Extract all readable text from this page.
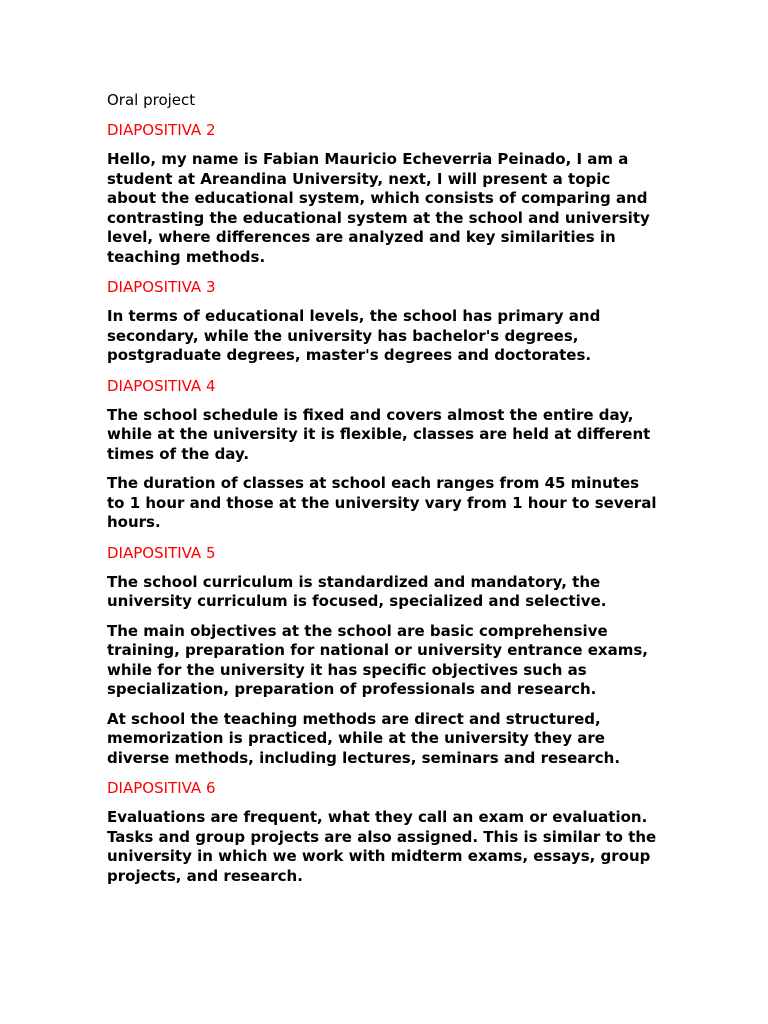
Oral project
DIAPOSITIVA 2
Hello, my name is Fabian Mauricio Echeverria Peinado, I am a
student at Areandina University, next, I will present a topic
about the educational system, which consists of comparing and
contrasting the educational system at the school and university
level, where differences are analyzed and key similarities in
teaching methods.
DIAPOSITIVA 3
In terms of educational levels, the school has primary and
secondary, while the university has bachelor's degrees,
postgraduate degrees, master's degrees and doctorates.
DIAPOSITIVA 4
The school schedule is fixed and covers almost the entire day,
while at the university it is flexible, classes are held at different
times of the day.
The duration of classes at school each ranges from 45 minutes
to 1 hour and those at the university vary from 1 hour to several
hours.
DIAPOSITIVA 5
The school curriculum is standardized and mandatory, the
university curriculum is focused, specialized and selective.
The main objectives at the school are basic comprehensive
training, preparation for national or university entrance exams,
while for the university it has specific objectives such as
specialization, preparation of professionals and research.
At school the teaching methods are direct and structured,
memorization is practiced, while at the university they are
diverse methods, including lectures, seminars and research.
DIAPOSITIVA 6
Evaluations are frequent, what they call an exam or evaluation.
Tasks and group projects are also assigned. This is similar to the
university in which we work with midterm exams, essays, group
projects, and research.
